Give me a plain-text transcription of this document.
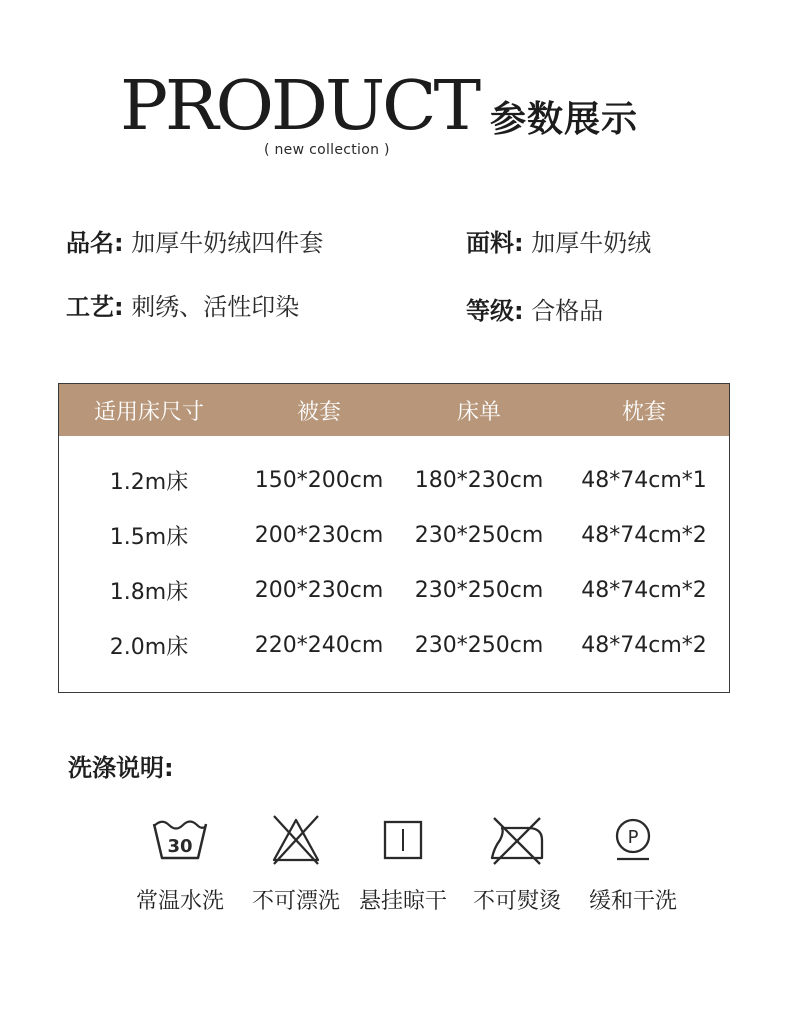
PRODUCT 参数展示
( new collection )
品名: 加厚牛奶绒四件套	面料: 加厚牛奶绒
工艺: 刺绣、活性印染	等级: 合格品
适用床尺寸	被套	床单	枕套
1.2m床	150*200cm	180*230cm	48*74cm*1
1.5m床	200*230cm	230*250cm	48*74cm*2
1.8m床	200*230cm	230*250cm	48*74cm*2
2.0m床	220*240cm	230*250cm	48*74cm*2
洗涤说明:
30
常温水洗	不可漂洗 悬挂晾干	不可熨烫
P
缓和干洗
